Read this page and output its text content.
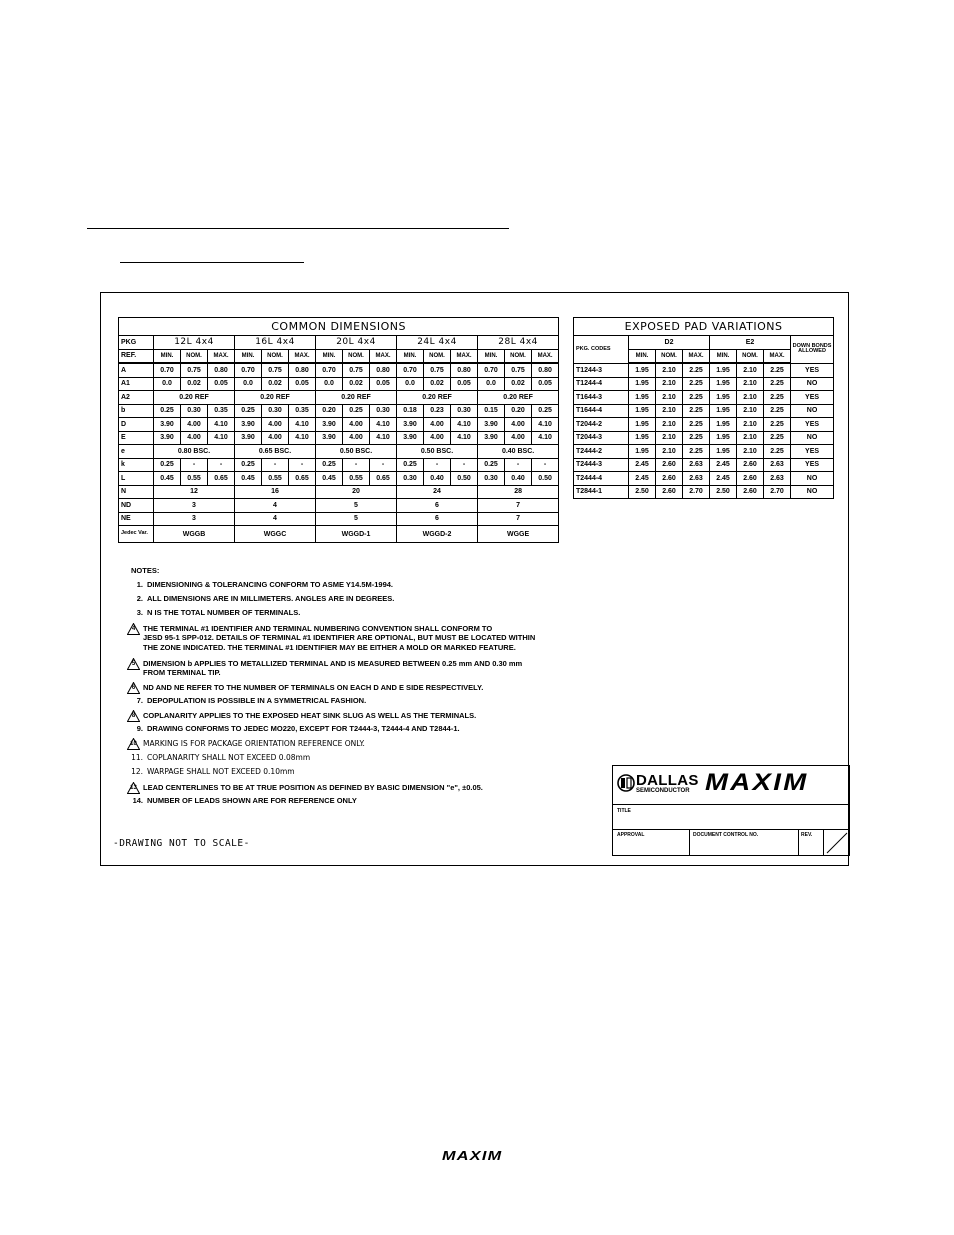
COMMON DIMENSIONS															
PKG	12L 4x4			16L 4x4			20L 4x4			24L 4x4			28L 4x4		
REF.	MIN.	NOM.	MAX.	MIN.	NOM.	MAX.	MIN.	NOM.	MAX.	MIN.	NOM.	MAX.	MIN.	NOM.	MAX.
A	0.70	0.75	0.80	0.70	0.75	0.80	0.70	0.75	0.80	0.70	0.75	0.80	0.70	0.75	0.80
A1	0.0	0.02	0.05	0.0	0.02	0.05	0.0	0.02	0.05	0.0	0.02	0.05	0.0	0.02	0.05
A2	0.20 REF			0.20 REF			0.20 REF			0.20 REF			0.20 REF		
b	0.25	0.30	0.35	0.25	0.30	0.35	0.20	0.25	0.30	0.18	0.23	0.30	0.15	0.20	0.25
D	3.90	4.00	4.10	3.90	4.00	4.10	3.90	4.00	4.10	3.90	4.00	4.10	3.90	4.00	4.10
E	3.90	4.00	4.10	3.90	4.00	4.10	3.90	4.00	4.10	3.90	4.00	4.10	3.90	4.00	4.10
e	0.80 BSC.			0.65 BSC.			0.50 BSC.			0.50 BSC.			0.40 BSC.		
k	0.25	-	-	0.25	-	-	0.25	-	-	0.25	-	-	0.25	-	-
L	0.45	0.55	0.65	0.45	0.55	0.65	0.45	0.55	0.65	0.30	0.40	0.50	0.30	0.40	0.50
N	12			16			20			24			28		
ND	3			4			5			6			7		
NE	3			4			5			6			7		
Jedec Var.	WGGB			WGGC			WGGD-1			WGGD-2			WGGE		
EXPOSED PAD VARIATIONS							
PKG. CODES	D2			E2			DOWN BONDS ALLOWED
	MIN.	NOM.	MAX.	MIN.	NOM.	MAX.	
T1244-3	1.95	2.10	2.25	1.95	2.10	2.25	YES
T1244-4	1.95	2.10	2.25	1.95	2.10	2.25	NO
T1644-3	1.95	2.10	2.25	1.95	2.10	2.25	YES
T1644-4	1.95	2.10	2.25	1.95	2.10	2.25	NO
T2044-2	1.95	2.10	2.25	1.95	2.10	2.25	YES
T2044-3	1.95	2.10	2.25	1.95	2.10	2.25	NO
T2444-2	1.95	2.10	2.25	1.95	2.10	2.25	YES
T2444-3	2.45	2.60	2.63	2.45	2.60	2.63	YES
T2444-4	2.45	2.60	2.63	2.45	2.60	2.63	NO
T2844-1	2.50	2.60	2.70	2.50	2.60	2.70	NO
NOTES:
1. DIMENSIONING & TOLERANCING CONFORM TO ASME Y14.5M-1994.
2. ALL DIMENSIONS ARE IN MILLIMETERS. ANGLES ARE IN DEGREES.
3. N IS THE TOTAL NUMBER OF TERMINALS.
4	THE TERMINAL #1 IDENTIFIER AND TERMINAL NUMBERING CONVENTION SHALL CONFORM TO
JESD 95-1 SPP-012. DETAILS OF TERMINAL #1 IDENTIFIER ARE OPTIONAL, BUT MUST BE LOCATED WITHIN
THE ZONE INDICATED. THE TERMINAL #1 IDENTIFIER MAY BE EITHER A MOLD OR MARKED FEATURE.
5	DIMENSION b APPLIES TO METALLIZED TERMINAL AND IS MEASURED BETWEEN 0.25 mm AND 0.30 mm
FROM TERMINAL TIP.
6	ND AND NE REFER TO THE NUMBER OF TERMINALS ON EACH D AND E SIDE RESPECTIVELY.
7. DEPOPULATION IS POSSIBLE IN A SYMMETRICAL FASHION.
8	COPLANARITY APPLIES TO THE EXPOSED HEAT SINK SLUG AS WELL AS THE TERMINALS.
9. DRAWING CONFORMS TO JEDEC MO220, EXCEPT FOR T2444-3, T2444-4 AND T2844-1.
10 MARKING IS FOR PACKAGE ORIENTATION REFERENCE ONLY.
11. COPLANARITY SHALL NOT EXCEED 0.08mm
12. WARPAGE SHALL NOT EXCEED 0.10mm
13 LEAD CENTERLINES TO BE AT TRUE POSITION AS DEFINED BY BASIC DIMENSION "e", ±0.05.
14. NUMBER OF LEADS SHOWN ARE FOR REFERENCE ONLY
-DRAWING NOT TO SCALE-
DALLAS
SEMICONDUCTOR MAXIM
TITLE
APPROVAL	DOCUMENT CONTROL NO.	REV.
MAXIM
